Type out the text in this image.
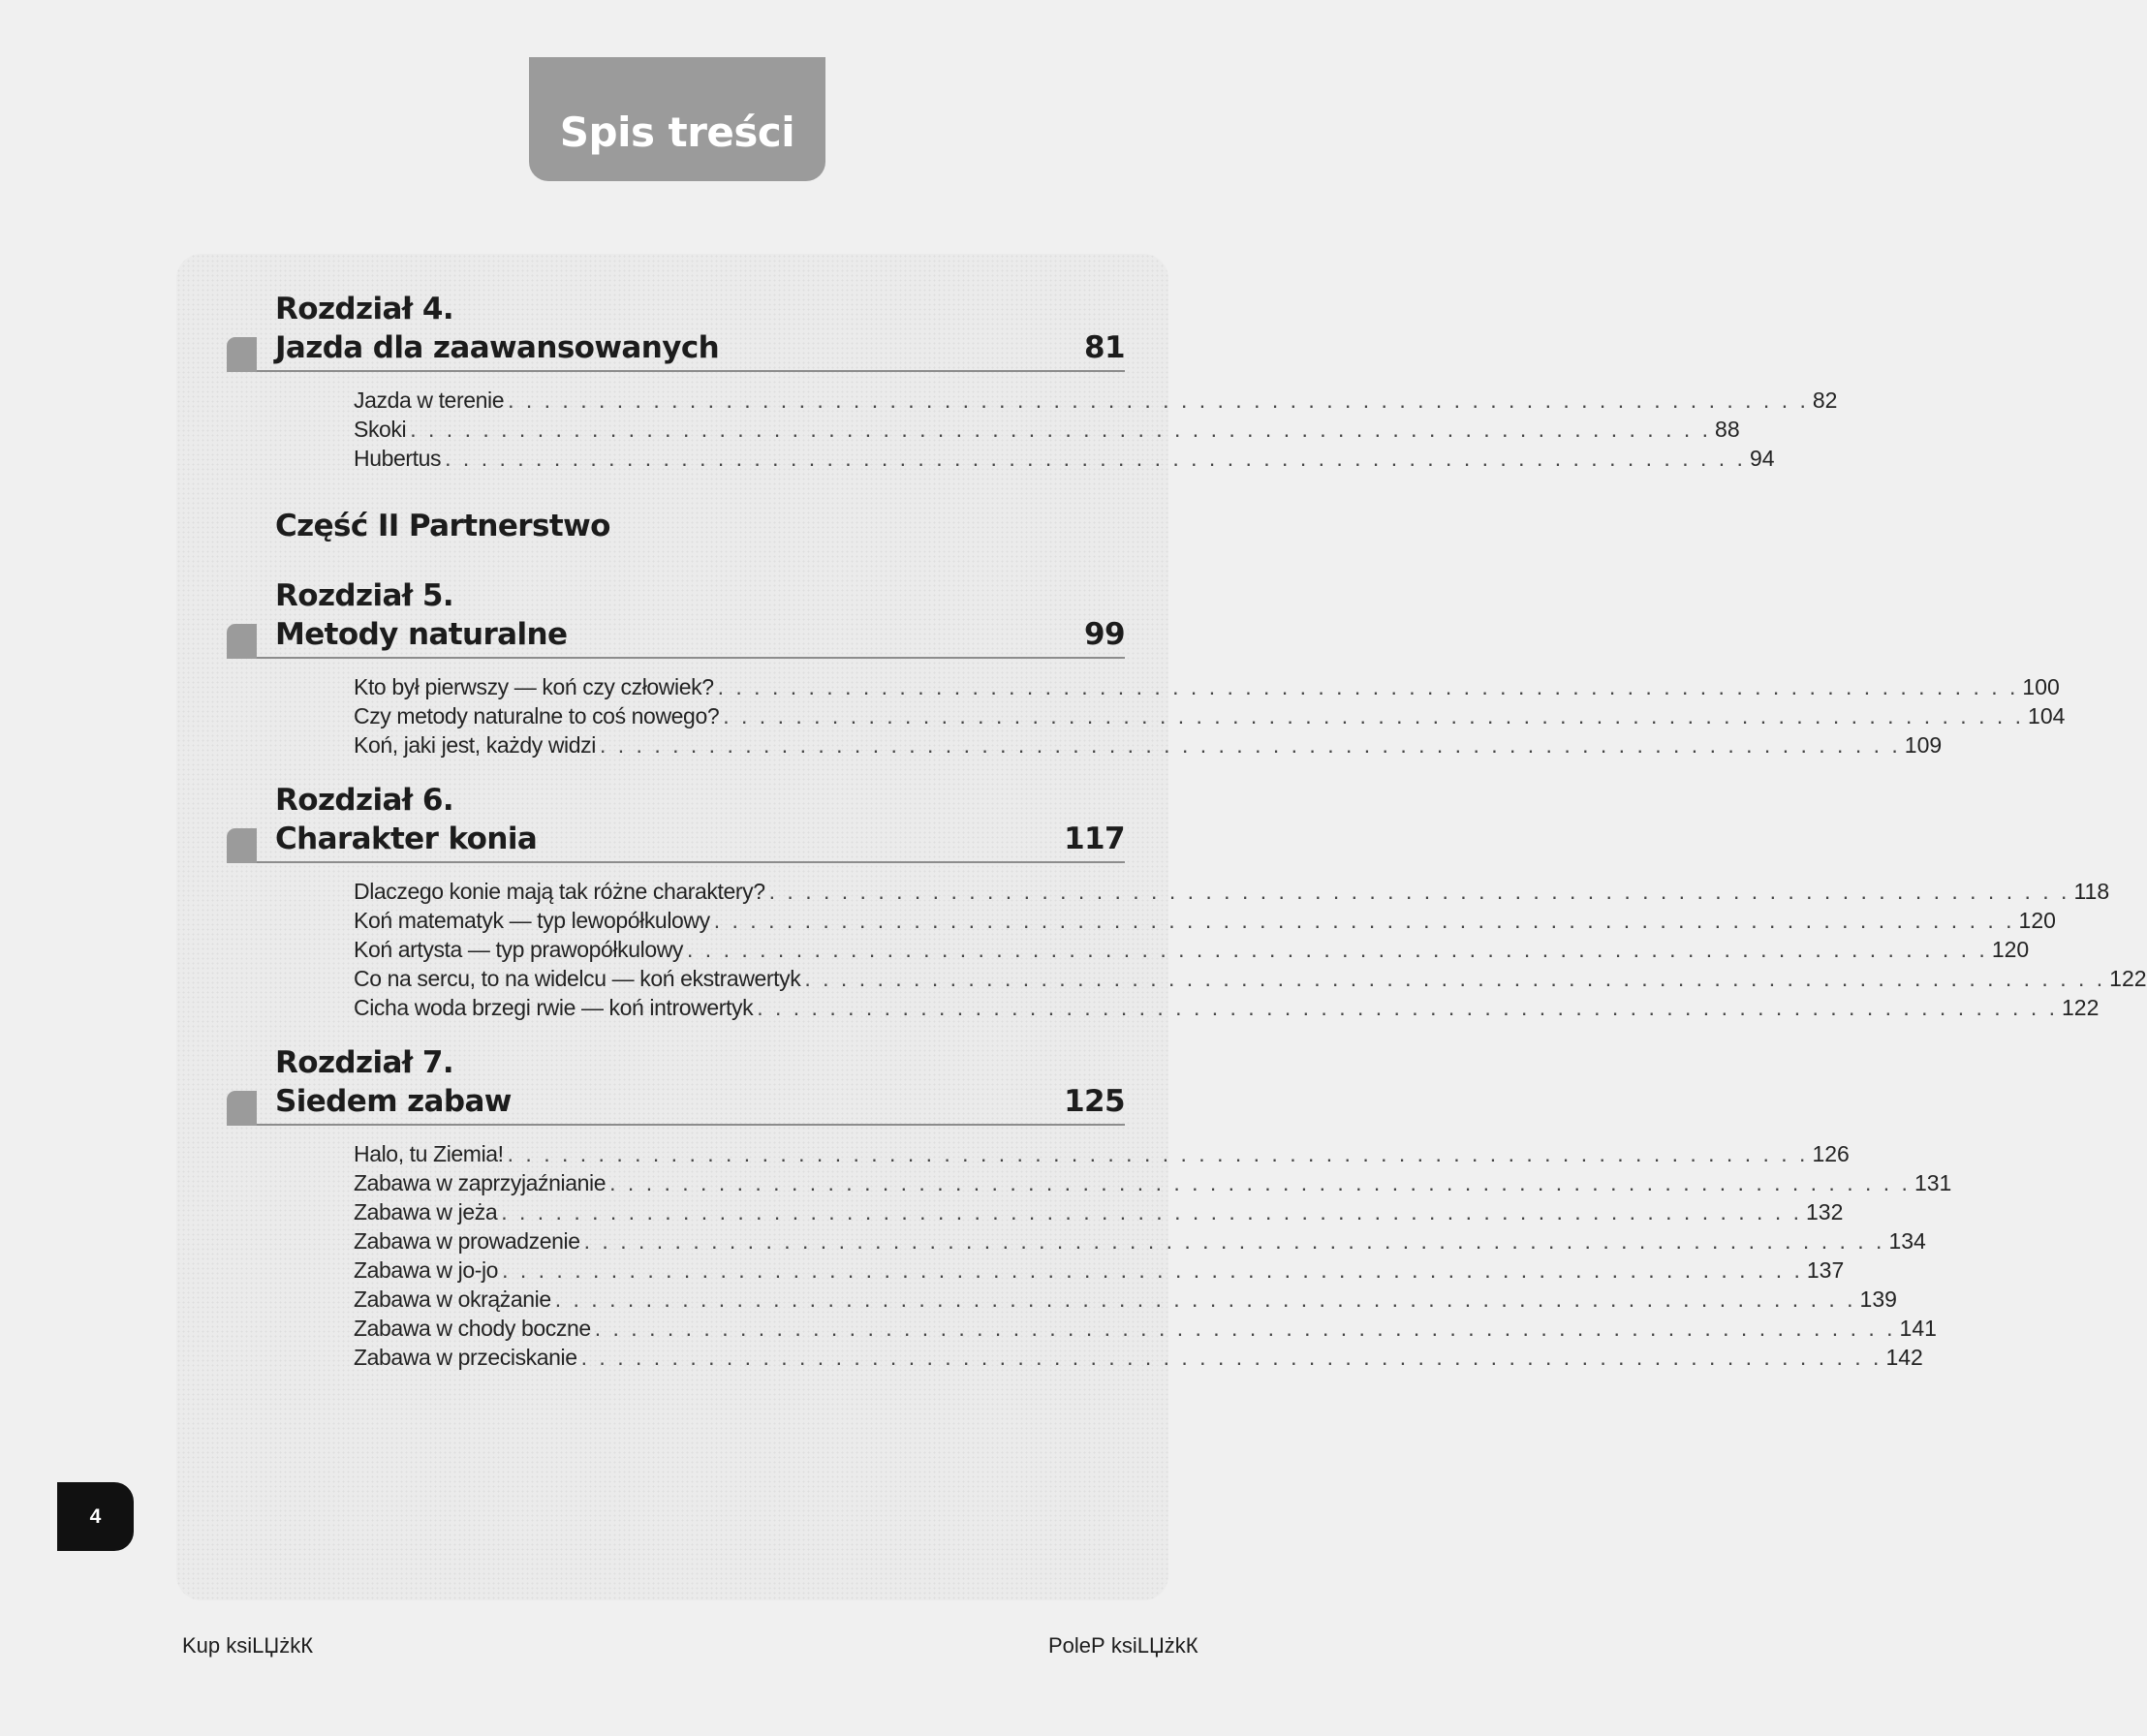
Spis treści
Rozdział 4.
Jazda dla zaawansowanych	81
Jazda w terenie . . . . . . . . . . . . . . . . . . . . . . . . . . . . . . . . . . . . . . . . . . . . . . . . . . . . . . . . . . . . . . . . . . . . . . . . 82
Skoki . . . . . . . . . . . . . . . . . . . . . . . . . . . . . . . . . . . . . . . . . . . . . . . . . . . . . . . . . . . . . . . . . . . . . . . . 88
Hubertus . . . . . . . . . . . . . . . . . . . . . . . . . . . . . . . . . . . . . . . . . . . . . . . . . . . . . . . . . . . . . . . . . . . . . . . . 94
Część II Partnerstwo
Rozdział 5.
Metody naturalne	99
Kto był pierwszy — koń czy człowiek? . . . . . . . . . . . . . . . . . . . . . . . . . . . . . . . . . . . . . . . . . . . . . . . . . . . . . . . . . . . . . . . . . . . . . . . . 100
Czy metody naturalne to coś nowego? . . . . . . . . . . . . . . . . . . . . . . . . . . . . . . . . . . . . . . . . . . . . . . . . . . . . . . . . . . . . . . . . . . . . . . . . 104
Koń, jaki jest, każdy widzi . . . . . . . . . . . . . . . . . . . . . . . . . . . . . . . . . . . . . . . . . . . . . . . . . . . . . . . . . . . . . . . . . . . . . . . . 109
Rozdział 6.
Charakter konia	117
Dlaczego konie mają tak różne charaktery? . . . . . . . . . . . . . . . . . . . . . . . . . . . . . . . . . . . . . . . . . . . . . . . . . . . . . . . . . . . . . . . . . . . . . . . . 118
Koń matematyk — typ lewopółkulowy . . . . . . . . . . . . . . . . . . . . . . . . . . . . . . . . . . . . . . . . . . . . . . . . . . . . . . . . . . . . . . . . . . . . . . . . 120
Koń artysta — typ prawopółkulowy . . . . . . . . . . . . . . . . . . . . . . . . . . . . . . . . . . . . . . . . . . . . . . . . . . . . . . . . . . . . . . . . . . . . . . . . 120
Co na sercu, to na widelcu — koń ekstrawertyk . . . . . . . . . . . . . . . . . . . . . . . . . . . . . . . . . . . . . . . . . . . . . . . . . . . . . . . . . . . . . . . . . . . . . . . . 122
Cicha woda brzegi rwie — koń introwertyk . . . . . . . . . . . . . . . . . . . . . . . . . . . . . . . . . . . . . . . . . . . . . . . . . . . . . . . . . . . . . . . . . . . . . . . . 122
Rozdział 7.
Siedem zabaw	125
Halo, tu Ziemia! . . . . . . . . . . . . . . . . . . . . . . . . . . . . . . . . . . . . . . . . . . . . . . . . . . . . . . . . . . . . . . . . . . . . . . . . 126
Zabawa w zaprzyjaźnianie . . . . . . . . . . . . . . . . . . . . . . . . . . . . . . . . . . . . . . . . . . . . . . . . . . . . . . . . . . . . . . . . . . . . . . . . 131
Zabawa w jeża . . . . . . . . . . . . . . . . . . . . . . . . . . . . . . . . . . . . . . . . . . . . . . . . . . . . . . . . . . . . . . . . . . . . . . . . 132
Zabawa w prowadzenie . . . . . . . . . . . . . . . . . . . . . . . . . . . . . . . . . . . . . . . . . . . . . . . . . . . . . . . . . . . . . . . . . . . . . . . . 134
Zabawa w jo-jo . . . . . . . . . . . . . . . . . . . . . . . . . . . . . . . . . . . . . . . . . . . . . . . . . . . . . . . . . . . . . . . . . . . . . . . . 137
Zabawa w okrążanie . . . . . . . . . . . . . . . . . . . . . . . . . . . . . . . . . . . . . . . . . . . . . . . . . . . . . . . . . . . . . . . . . . . . . . . . 139
Zabawa w chody boczne . . . . . . . . . . . . . . . . . . . . . . . . . . . . . . . . . . . . . . . . . . . . . . . . . . . . . . . . . . . . . . . . . . . . . . . . 141
Zabawa w przeciskanie . . . . . . . . . . . . . . . . . . . . . . . . . . . . . . . . . . . . . . . . . . . . . . . . . . . . . . . . . . . . . . . . . . . . . . . . 142
4
Kup ksiLЏżkК	PoleР ksiLЏżkК
